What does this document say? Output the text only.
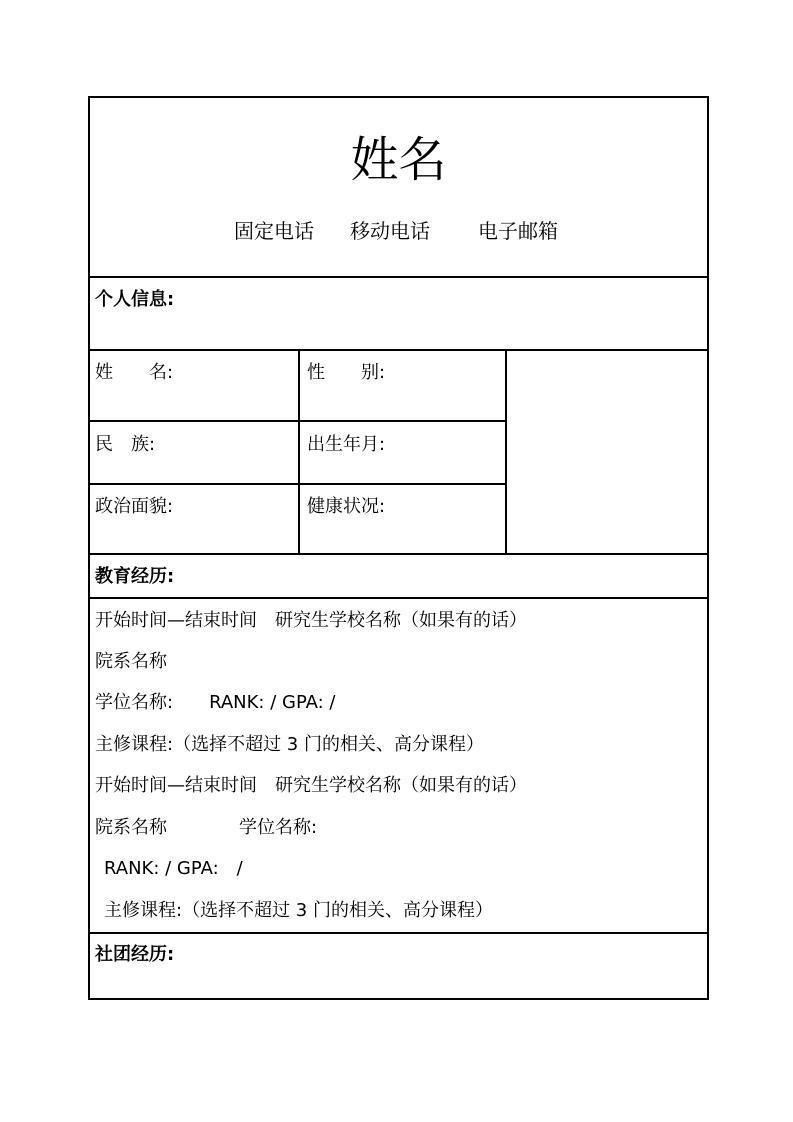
姓名
固定电话 移动电话 电子邮箱
个人信息:
姓　　名:	性　　别:
民　族:	出生年月:
政治面貌:	健康状况:
教育经历:
开始时间—结束时间　研究生学校名称（如果有的话）
院系名称
学位名称:　　RANK: / GPA: /
主修课程:（选择不超过 3 门的相关、高分课程）
开始时间—结束时间　研究生学校名称（如果有的话）
院系名称　　　　学位名称:
RANK: / GPA:　/
主修课程:（选择不超过 3 门的相关、高分课程）
社团经历:
